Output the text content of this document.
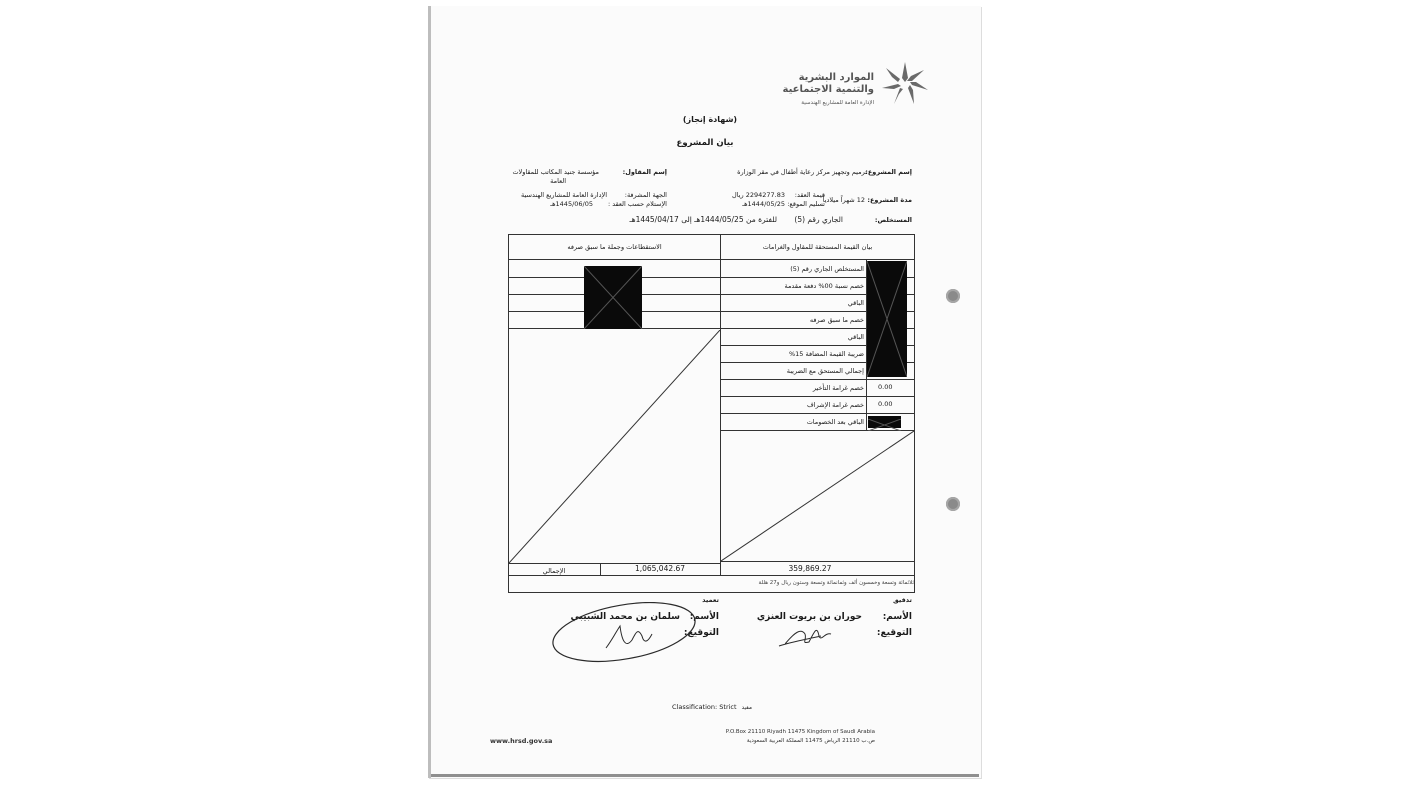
الموارد البشرية
والتنمية الاجتماعية
الإدارة العامة للمشاريع الهندسية
(شهادة إنجاز)
بيان المشروع
إسم المشروع:
ترميم وتجهيز مركز رعاية أطفال في مقر الوزارة
إسم المقاول:
مؤسسة جنيد المكاتب للمقاولات
العامة
مدة المشروع:
12 شهراً ميلادياً
قيمة العقد:
2294277.83 ريال
تسليم الموقع:
1444/05/25هـ
الجهة المشرفة:
الإدارة العامة للمشاريع الهندسية
الإستلام حسب العقد :
1445/06/05هـ
المستخلص:
الجاري رقم (5)
للفترة من 1444/05/25هـ إلى 1445/04/17هـ
بيان القيمة المستحقة للمقاول والغرامات
الاستقطاعات وجملة ما سبق صرفه
المستخلص الجاري رقم (5)
خصم نسبة 00% دفعة مقدمة
الباقي
خصم ما سبق صرفه
الباقي
ضريبة القيمة المضافة 15%
إجمالي المستحق مع الضريبة
خصم غرامة التأخير
خصم غرامة الإشراف
الباقي بعد الخصومات
0.00
0.00
359,869.27
ثلاثمائة وتسعة وخمسون ألف وثمانمائة وتسعة وستون ريال و27 هللة
الإجمالي	1,065,042.67
تدقيق
تعميد
الأسم:
حوران بن بريوت العنزي
التوقيع:
الأسم:
سلمان بن محمد الشبيبي
التوقيع:
Classification: Strict مقيد
P.O.Box 21110 Riyadh 11475 Kingdom of Saudi Arabia
ص.ب 21110 الرياض 11475 المملكة العربية السعودية
www.hrsd.gov.sa
